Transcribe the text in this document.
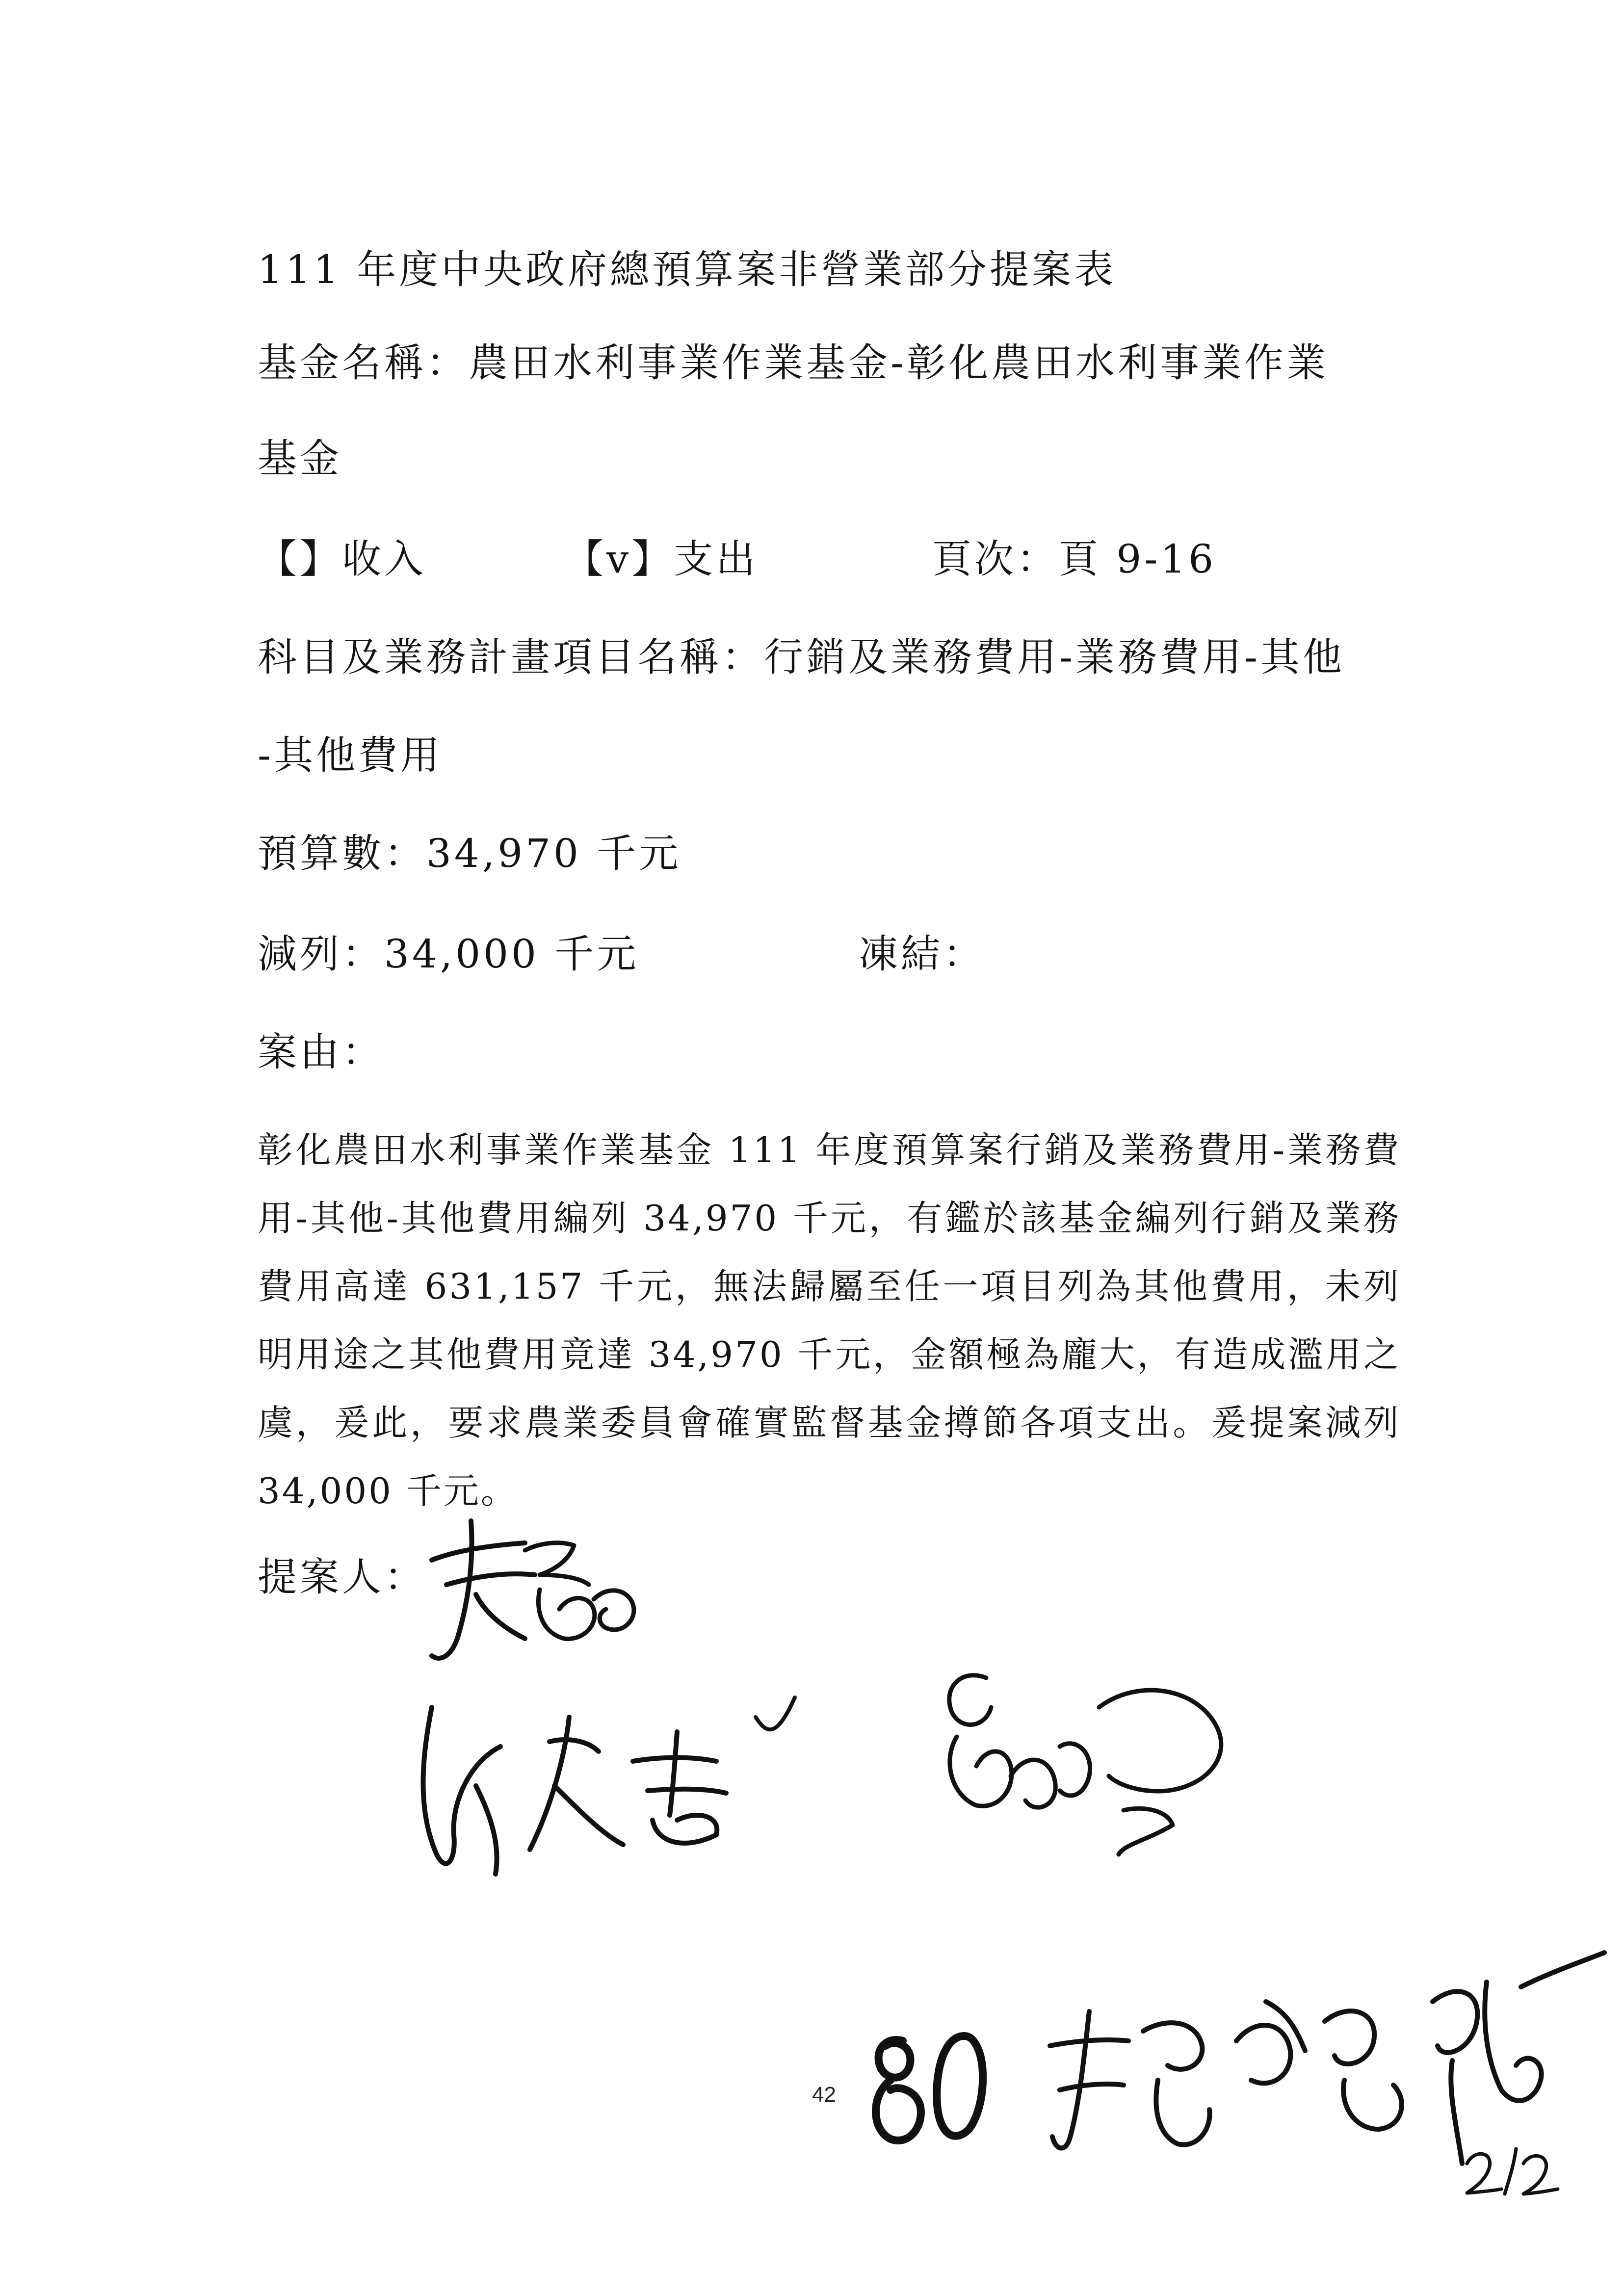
111 年度中央政府總預算案非營業部分提案表
基金名稱：農田水利事業作業基金-彰化農田水利事業作業
基金
【】收入	【v】支出	頁次：頁 9-16
科目及業務計畫項目名稱：行銷及業務費用-業務費用-其他
-其他費用
預算數：34,970 千元
減列：34,000 千元	凍結：
案由：
彰化農田水利事業作業基金 111 年度預算案行銷及業務費用-業務費用-其他-其他費用編列 34,970 千元，有鑑於該基金編列行銷及業務費用高達 631,157 千元，無法歸屬至任一項目列為其他費用，未列明用途之其他費用竟達 34,970 千元，金額極為龐大，有造成濫用之虞，爰此，要求農業委員會確實監督基金撙節各項支出。爰提案減列 34,000 千元。
提案人：
42
